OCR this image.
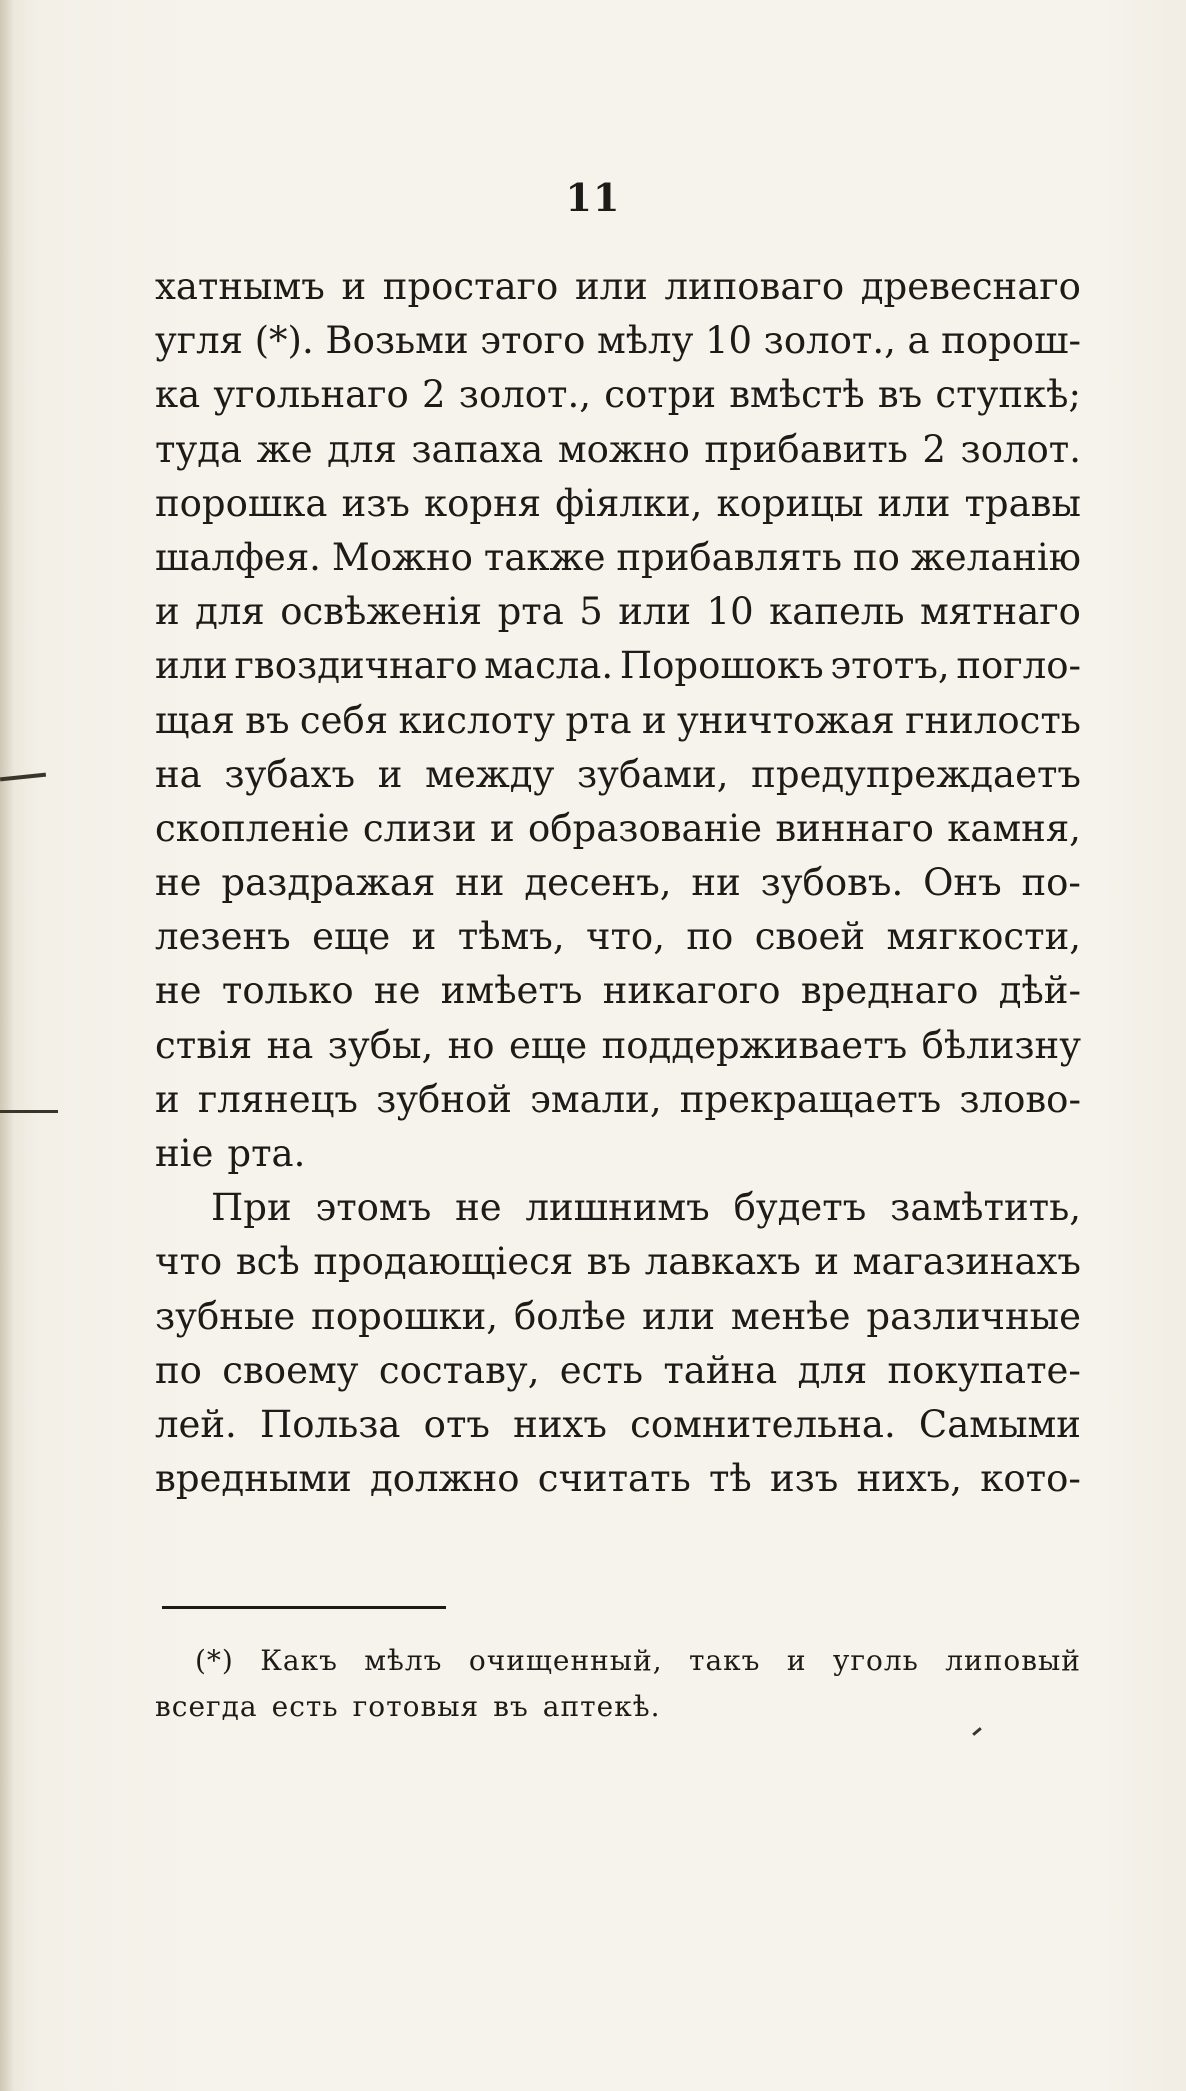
11
хатнымъ и простаго или липоваго древеснаго
угля (*). Возьми этого мѣлу 10 золот., а порош-
ка угольнаго 2 золот., сотри вмѣстѣ въ ступкѣ;
туда же для запаха можно прибавить 2 золот.
порошка изъ корня фіялки, корицы или травы
шалфея. Можно также прибавлять по желанію
и для освѣженія рта 5 или 10 капель мятнаго
или гвоздичнаго масла. Порошокъ этотъ, погло-
щая въ себя кислоту рта и уничтожая гнилость
на зубахъ и между зубами, предупреждаетъ
скопленіе слизи и образованіе виннаго камня,
не раздражая ни деcенъ, ни зубовъ. Онъ по-
лезенъ еще и тѣмъ, что, по своей мягкости,
не только не имѣетъ никагого вреднаго дѣй-
ствія на зубы, но еще поддерживаетъ бѣлизну
и глянецъ зубной эмали, прекращаетъ злово-
ніе рта.
При этомъ не лишнимъ будетъ замѣтить,
что всѣ продающіеся въ лавкахъ и магазинахъ
зубные порошки, болѣе или менѣе различные
по своему составу, есть тайна для покупате-
лей. Польза отъ нихъ сомнительна. Самыми
вредными должно считать тѣ изъ нихъ, кото-
(*) Какъ мѣлъ очищенный, такъ и уголь липовый
всегда есть готовыя въ аптекѣ.
